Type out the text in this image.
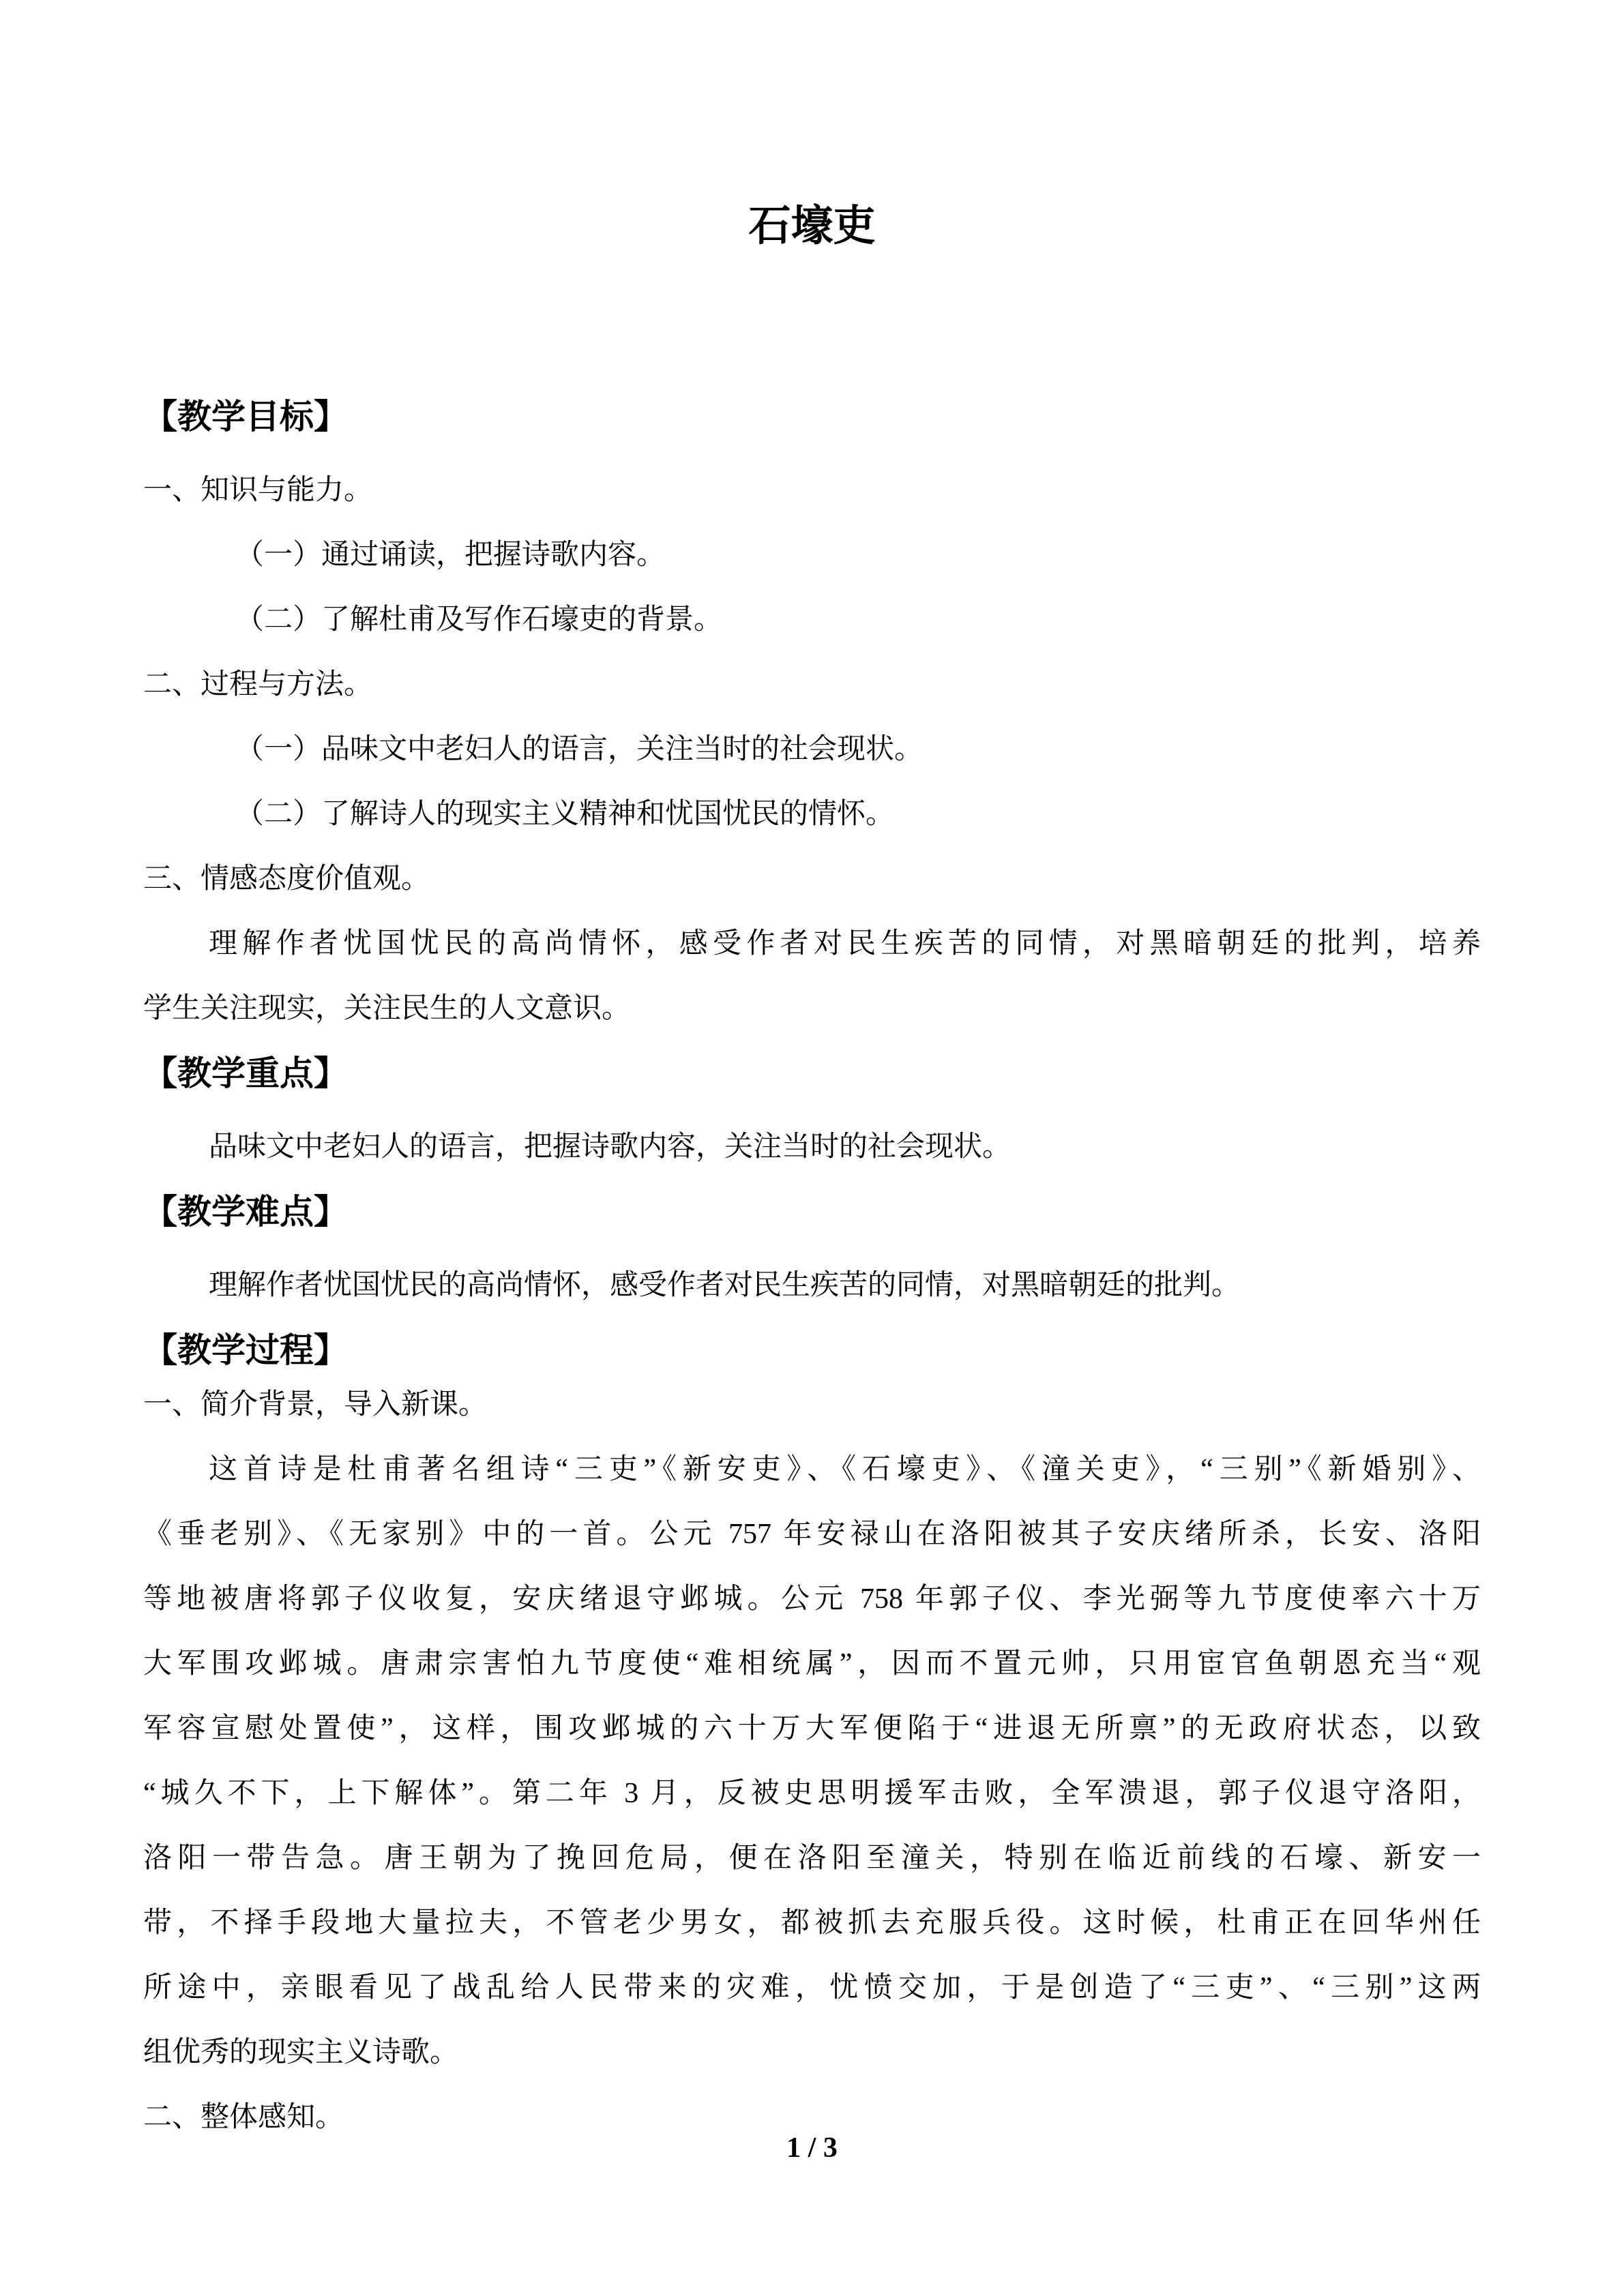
石壕吏
【教学目标】
一、知识与能力。
（一）通过诵读，把握诗歌内容。
（二）了解杜甫及写作石壕吏的背景。
二、过程与方法。
（一）品味文中老妇人的语言，关注当时的社会现状。
（二）了解诗人的现实主义精神和忧国忧民的情怀。
三、情感态度价值观。
理解作者忧国忧民的高尚情怀，感受作者对民生疾苦的同情，对黑暗朝廷的批判，培养
学生关注现实，关注民生的人文意识。
【教学重点】
品味文中老妇人的语言，把握诗歌内容，关注当时的社会现状。
【教学难点】
理解作者忧国忧民的高尚情怀，感受作者对民生疾苦的同情，对黑暗朝廷的批判。
【教学过程】
一、简介背景，导入新课。
这首诗是杜甫著名组诗“三吏”《新安吏》、《石壕吏》、《潼关吏》，“三别”《新婚别》、
《垂老别》、《无家别》中的一首。公元 757 年安禄山在洛阳被其子安庆绪所杀，长安、洛阳
等地被唐将郭子仪收复，安庆绪退守邺城。公元 758 年郭子仪、李光弼等九节度使率六十万
大军围攻邺城。唐肃宗害怕九节度使“难相统属”，因而不置元帅，只用宦官鱼朝恩充当“观
军容宣慰处置使”，这样，围攻邺城的六十万大军便陷于“进退无所禀”的无政府状态，以致
“城久不下，上下解体”。第二年 3 月，反被史思明援军击败，全军溃退，郭子仪退守洛阳，
洛阳一带告急。唐王朝为了挽回危局，便在洛阳至潼关，特别在临近前线的石壕、新安一
带，不择手段地大量拉夫，不管老少男女，都被抓去充服兵役。这时候，杜甫正在回华州任
所途中，亲眼看见了战乱给人民带来的灾难，忧愤交加，于是创造了“三吏”、“三别”这两
组优秀的现实主义诗歌。
二、整体感知。
1 / 3
